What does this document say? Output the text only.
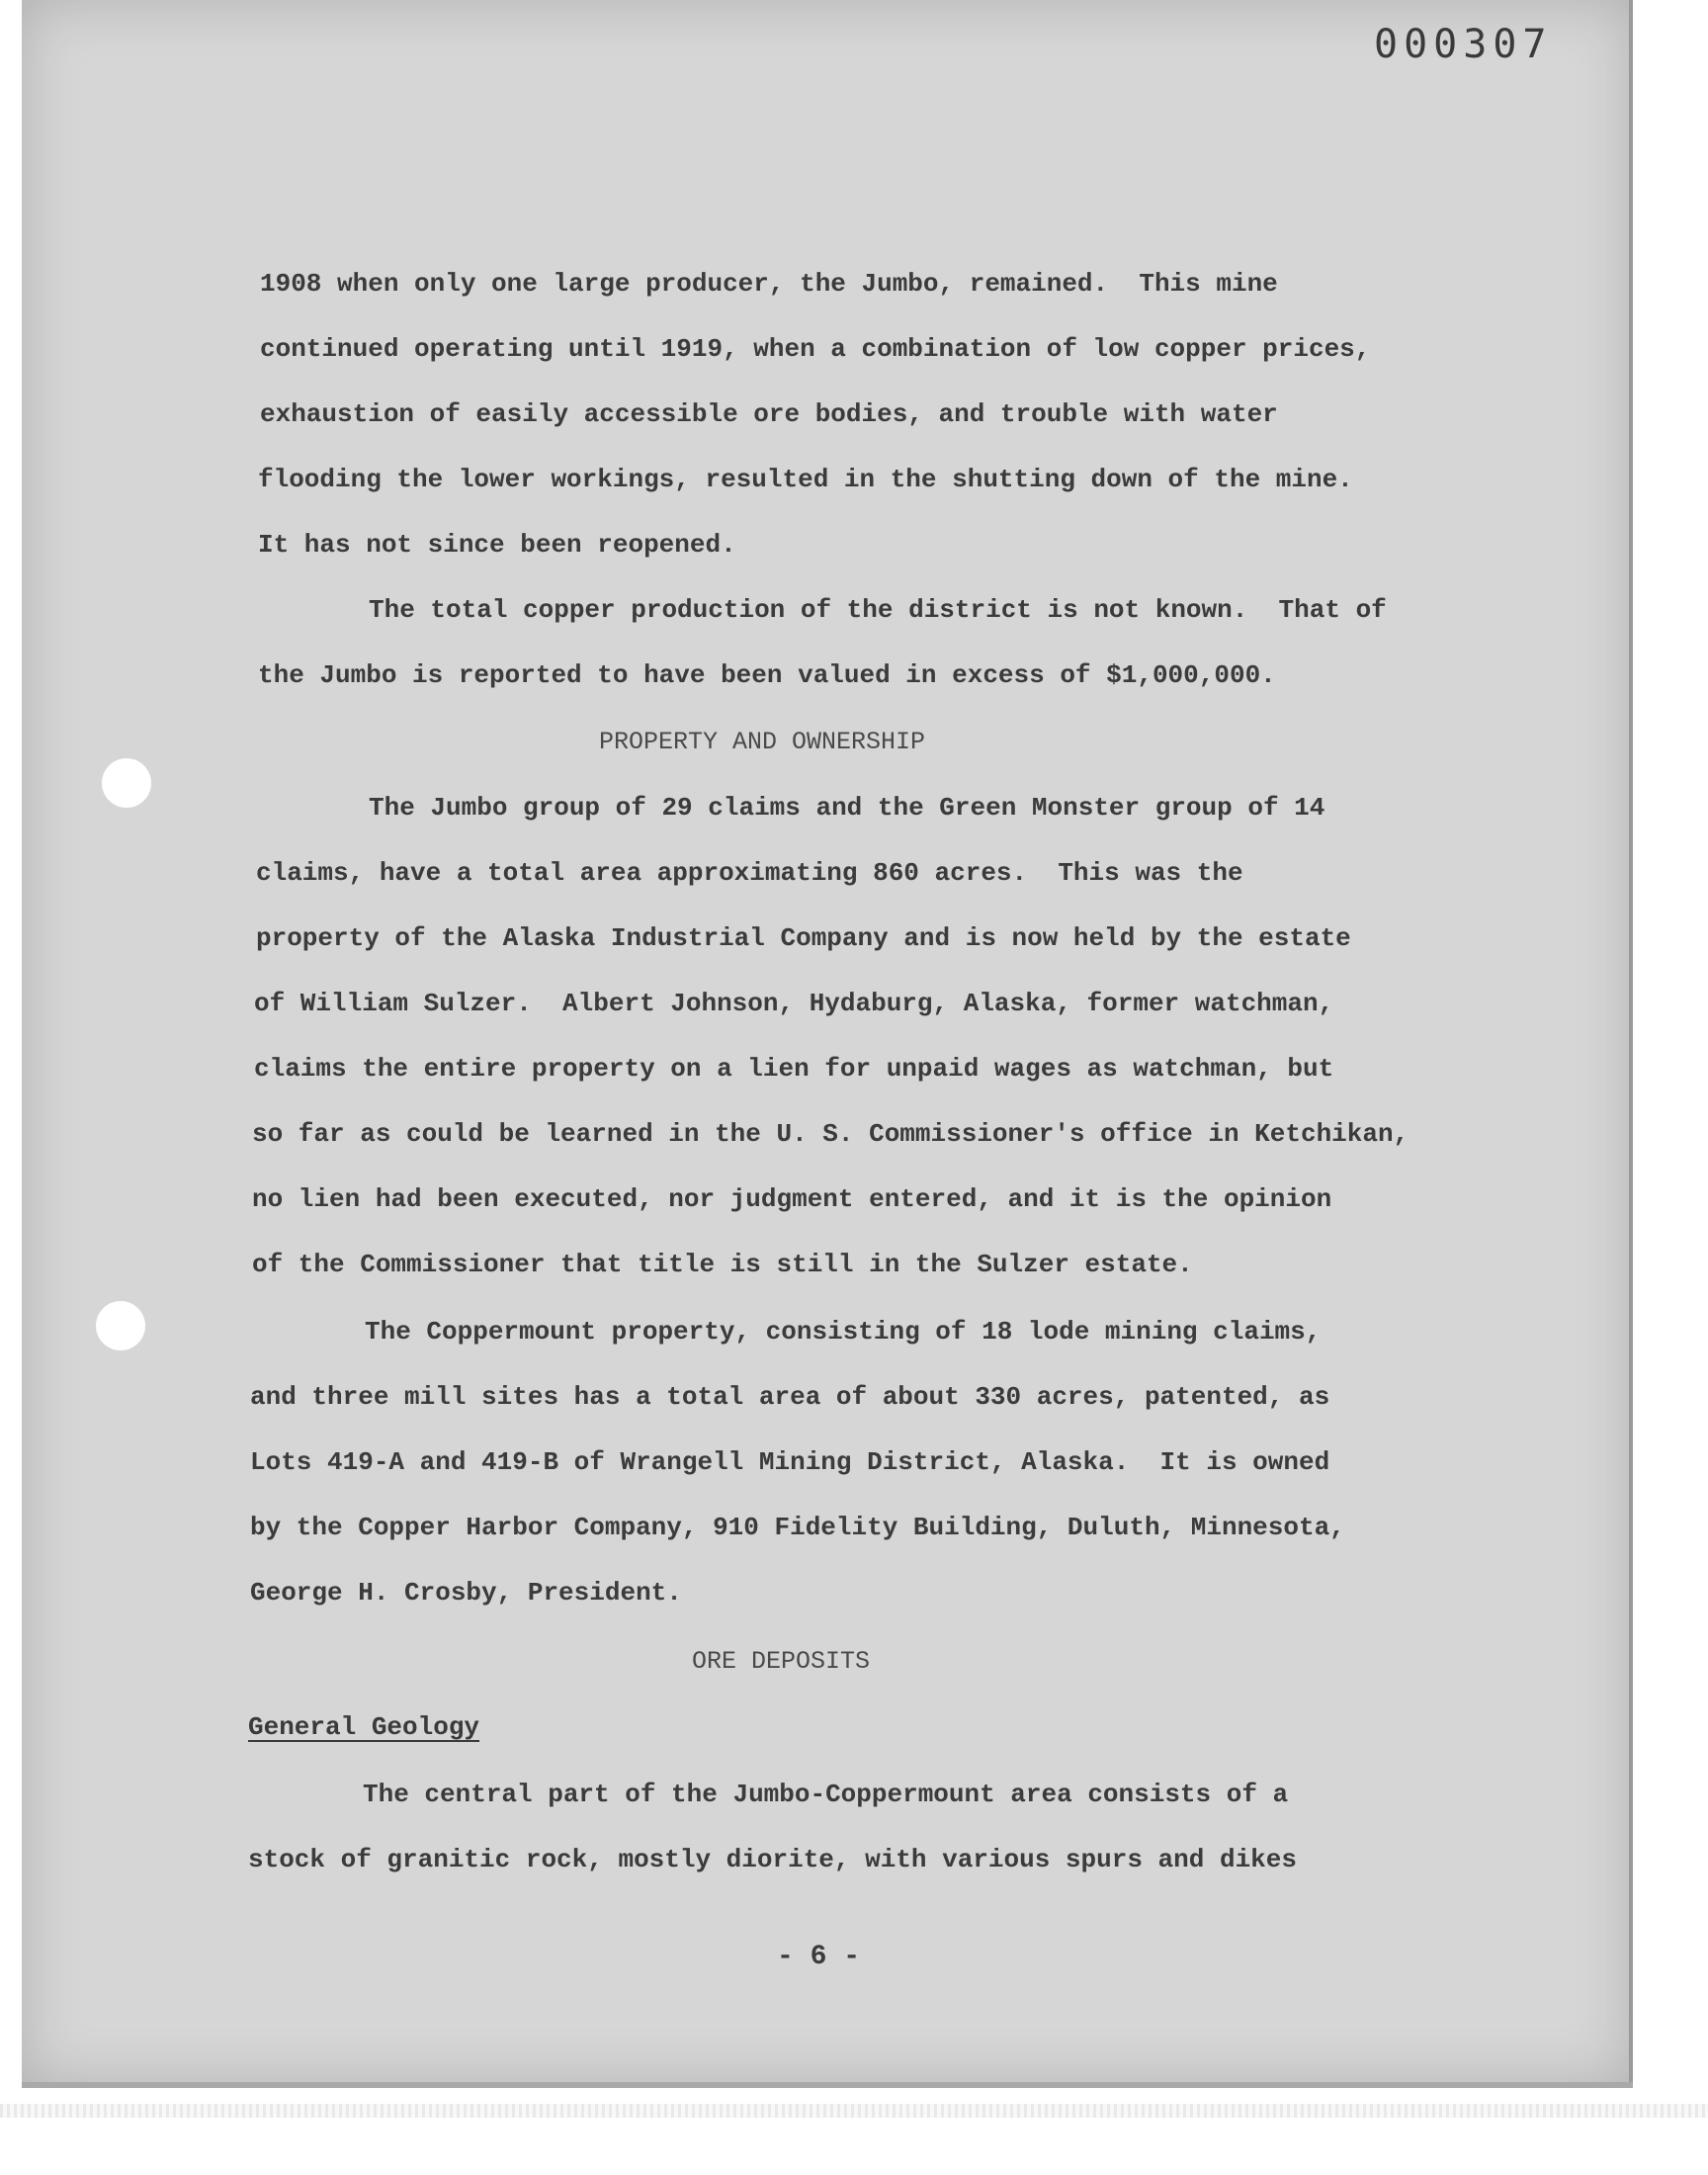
000307

1908 when only one large producer, the Jumbo, remained.  This mine

continued operating until 1919, when a combination of low copper prices,

exhaustion of easily accessible ore bodies, and trouble with water

flooding the lower workings, resulted in the shutting down of the mine.

It has not since been reopened.

The total copper production of the district is not known.  That of

the Jumbo is reported to have been valued in excess of $1,000,000.

PROPERTY AND OWNERSHIP

The Jumbo group of 29 claims and the Green Monster group of 14

claims, have a total area approximating 860 acres.  This was the

property of the Alaska Industrial Company and is now held by the estate

of William Sulzer.  Albert Johnson, Hydaburg, Alaska, former watchman,

claims the entire property on a lien for unpaid wages as watchman, but

so far as could be learned in the U. S. Commissioner's office in Ketchikan,

no lien had been executed, nor judgment entered, and it is the opinion

of the Commissioner that title is still in the Sulzer estate.

The Coppermount property, consisting of 18 lode mining claims,

and three mill sites has a total area of about 330 acres, patented, as

Lots 419-A and 419-B of Wrangell Mining District, Alaska.  It is owned

by the Copper Harbor Company, 910 Fidelity Building, Duluth, Minnesota,

George H. Crosby, President.

ORE DEPOSITS

General Geology

The central part of the Jumbo-Coppermount area consists of a

stock of granitic rock, mostly diorite, with various spurs and dikes

- 6 -
